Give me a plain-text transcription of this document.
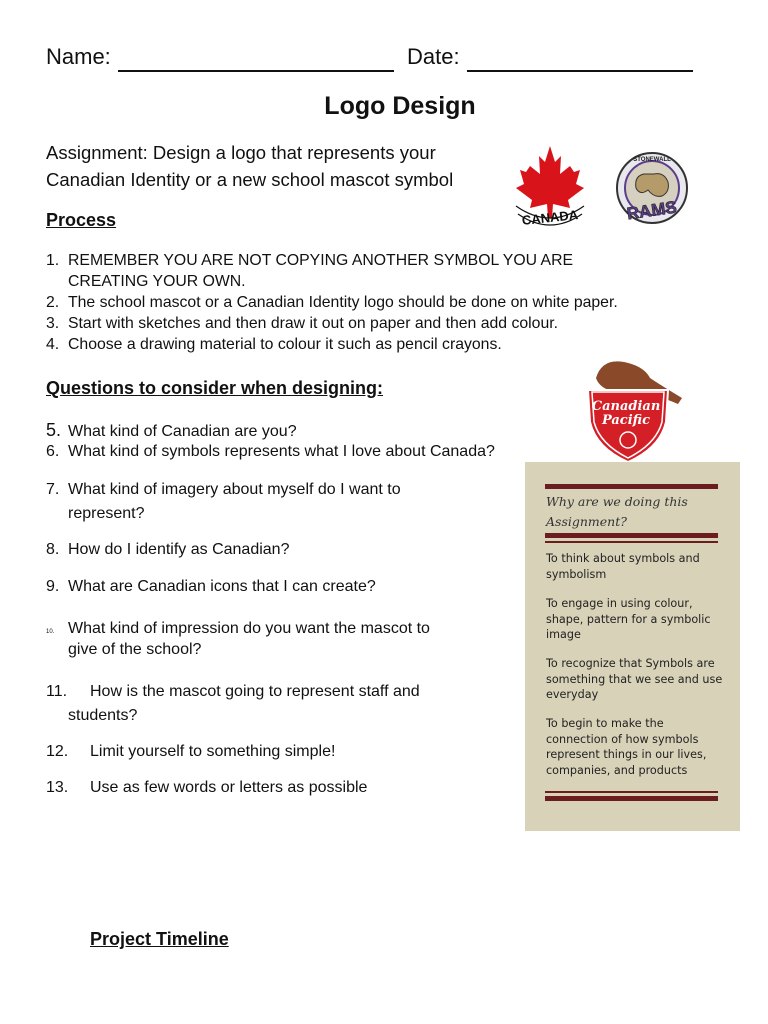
Name:	Date:
Logo Design
Assignment: Design a logo that represents your
Canadian Identity or a new school mascot symbol
CANADA
STONEWALL
RAMS
Process
1. REMEMBER YOU ARE NOT COPYING ANOTHER SYMBOL YOU ARE
CREATING YOUR OWN.
2. The school mascot or a Canadian Identity logo should be done on white paper.
3. Start with sketches and then draw it out on paper and then add colour.
4. Choose a drawing material to colour it such as pencil crayons.
Questions to consider when designing:
Canadian
Pacific
5. What kind of Canadian are you?
6. What kind of symbols represents what I love about Canada?
7. What kind of imagery about myself do I want to
represent?
8. How do I identify as Canadian?
9. What are Canadian icons that I can create?
10. What kind of impression do you want the mascot to
give of the school?
11. How is the mascot going to represent staff and
students?
12. Limit yourself to something simple!
13. Use as few words or letters as possible
Why are we doing this
Assignment?
To think about symbols and symbolism
To engage in using colour, shape, pattern for a symbolic image
To recognize that Symbols are something that we see and use everyday
To begin to make the connection of how symbols represent things in our lives, companies, and products
Project Timeline
